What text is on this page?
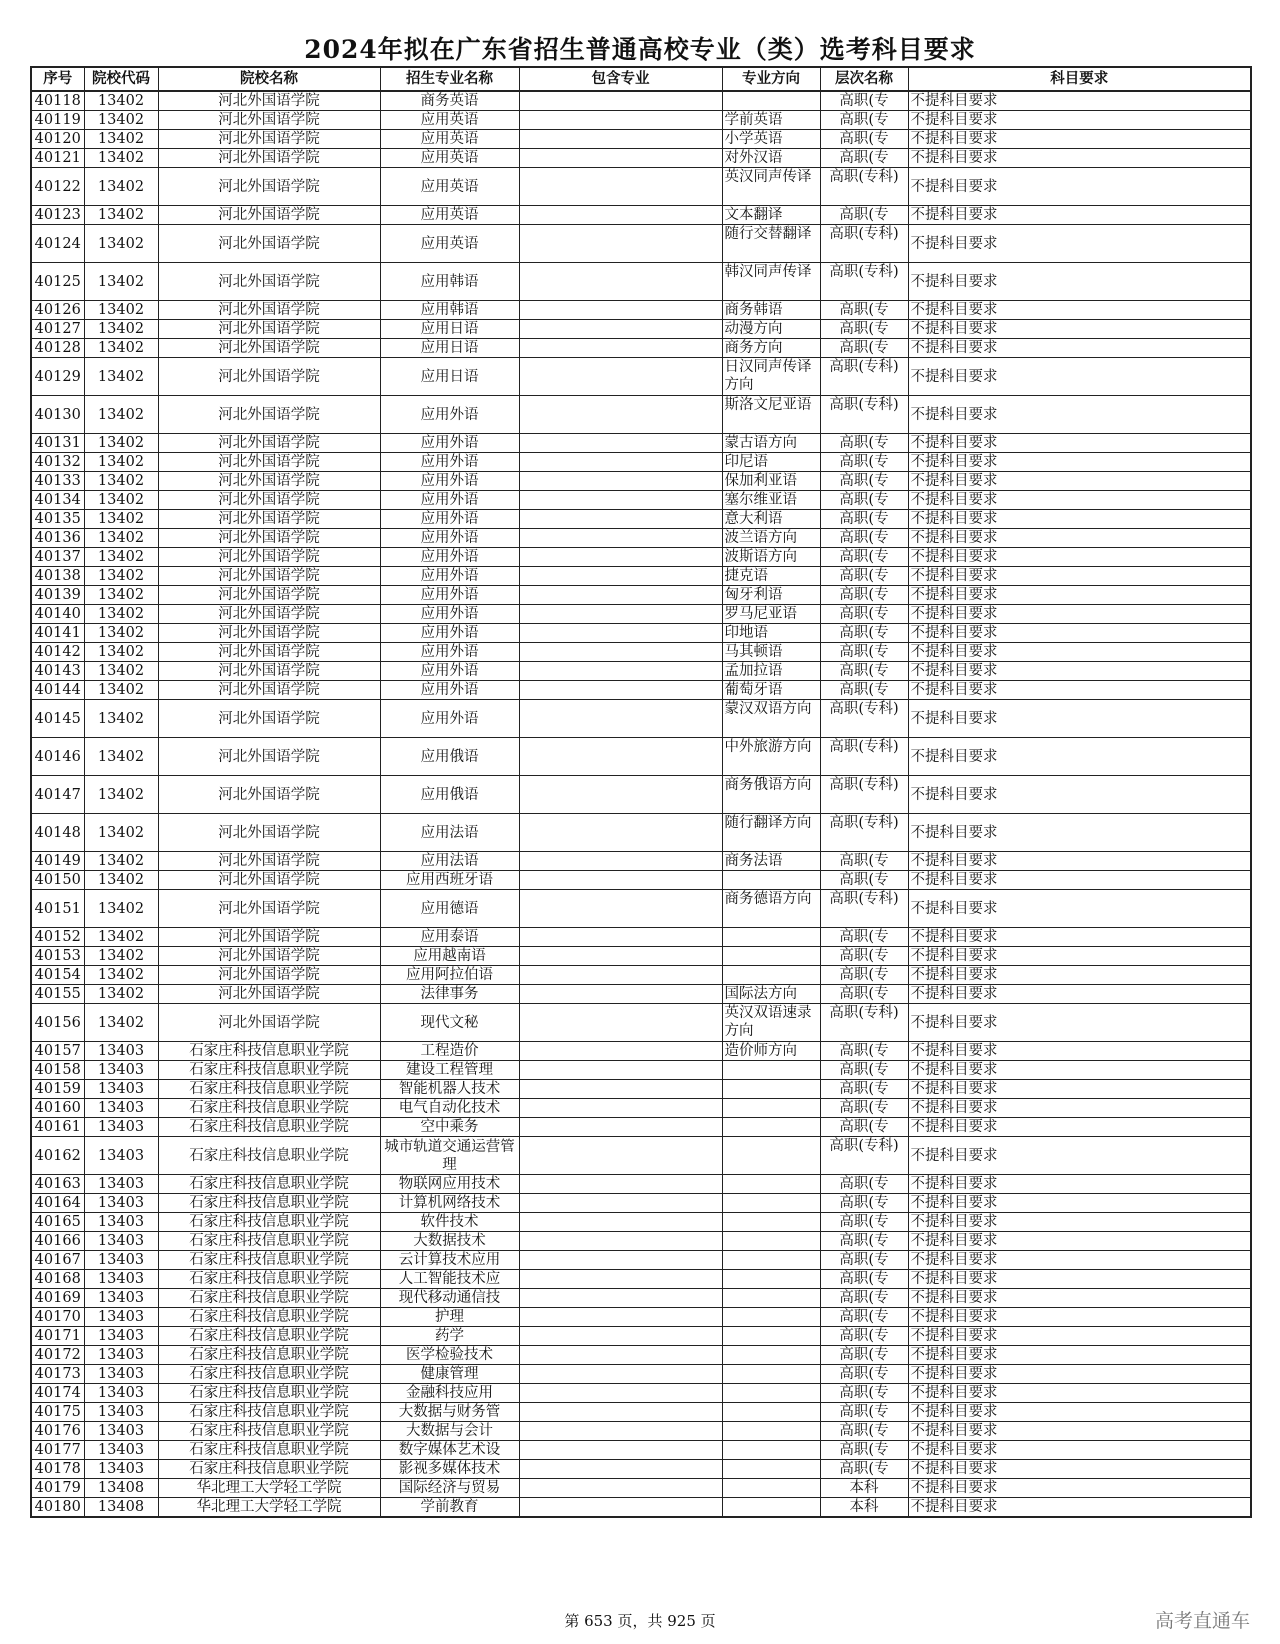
2024年拟在广东省招生普通高校专业（类）选考科目要求
序号	院校代码	院校名称	招生专业名称	包含专业	专业方向	层次名称	科目要求
40118	13402	河北外国语学院	商务英语			高职(专	不提科目要求
40119	13402	河北外国语学院	应用英语		学前英语	高职(专	不提科目要求
40120	13402	河北外国语学院	应用英语		小学英语	高职(专	不提科目要求
40121	13402	河北外国语学院	应用英语		对外汉语	高职(专	不提科目要求
40122	13402	河北外国语学院	应用英语		英汉同声传译	高职(专科)	不提科目要求
40123	13402	河北外国语学院	应用英语		文本翻译	高职(专	不提科目要求
40124	13402	河北外国语学院	应用英语		随行交替翻译	高职(专科)	不提科目要求
40125	13402	河北外国语学院	应用韩语		韩汉同声传译	高职(专科)	不提科目要求
40126	13402	河北外国语学院	应用韩语		商务韩语	高职(专	不提科目要求
40127	13402	河北外国语学院	应用日语		动漫方向	高职(专	不提科目要求
40128	13402	河北外国语学院	应用日语		商务方向	高职(专	不提科目要求
40129	13402	河北外国语学院	应用日语		日汉同声传译方向	高职(专科)	不提科目要求
40130	13402	河北外国语学院	应用外语		斯洛文尼亚语	高职(专科)	不提科目要求
40131	13402	河北外国语学院	应用外语		蒙古语方向	高职(专	不提科目要求
40132	13402	河北外国语学院	应用外语		印尼语	高职(专	不提科目要求
40133	13402	河北外国语学院	应用外语		保加利亚语	高职(专	不提科目要求
40134	13402	河北外国语学院	应用外语		塞尔维亚语	高职(专	不提科目要求
40135	13402	河北外国语学院	应用外语		意大利语	高职(专	不提科目要求
40136	13402	河北外国语学院	应用外语		波兰语方向	高职(专	不提科目要求
40137	13402	河北外国语学院	应用外语		波斯语方向	高职(专	不提科目要求
40138	13402	河北外国语学院	应用外语		捷克语	高职(专	不提科目要求
40139	13402	河北外国语学院	应用外语		匈牙利语	高职(专	不提科目要求
40140	13402	河北外国语学院	应用外语		罗马尼亚语	高职(专	不提科目要求
40141	13402	河北外国语学院	应用外语		印地语	高职(专	不提科目要求
40142	13402	河北外国语学院	应用外语		马其顿语	高职(专	不提科目要求
40143	13402	河北外国语学院	应用外语		孟加拉语	高职(专	不提科目要求
40144	13402	河北外国语学院	应用外语		葡萄牙语	高职(专	不提科目要求
40145	13402	河北外国语学院	应用外语		蒙汉双语方向	高职(专科)	不提科目要求
40146	13402	河北外国语学院	应用俄语		中外旅游方向	高职(专科)	不提科目要求
40147	13402	河北外国语学院	应用俄语		商务俄语方向	高职(专科)	不提科目要求
40148	13402	河北外国语学院	应用法语		随行翻译方向	高职(专科)	不提科目要求
40149	13402	河北外国语学院	应用法语		商务法语	高职(专	不提科目要求
40150	13402	河北外国语学院	应用西班牙语			高职(专	不提科目要求
40151	13402	河北外国语学院	应用德语		商务德语方向	高职(专科)	不提科目要求
40152	13402	河北外国语学院	应用泰语			高职(专	不提科目要求
40153	13402	河北外国语学院	应用越南语			高职(专	不提科目要求
40154	13402	河北外国语学院	应用阿拉伯语			高职(专	不提科目要求
40155	13402	河北外国语学院	法律事务		国际法方向	高职(专	不提科目要求
40156	13402	河北外国语学院	现代文秘		英汉双语速录方向	高职(专科)	不提科目要求
40157	13403	石家庄科技信息职业学院	工程造价		造价师方向	高职(专	不提科目要求
40158	13403	石家庄科技信息职业学院	建设工程管理			高职(专	不提科目要求
40159	13403	石家庄科技信息职业学院	智能机器人技术			高职(专	不提科目要求
40160	13403	石家庄科技信息职业学院	电气自动化技术			高职(专	不提科目要求
40161	13403	石家庄科技信息职业学院	空中乘务			高职(专	不提科目要求
40162	13403	石家庄科技信息职业学院	城市轨道交通运营管理			高职(专科)	不提科目要求
40163	13403	石家庄科技信息职业学院	物联网应用技术			高职(专	不提科目要求
40164	13403	石家庄科技信息职业学院	计算机网络技术			高职(专	不提科目要求
40165	13403	石家庄科技信息职业学院	软件技术			高职(专	不提科目要求
40166	13403	石家庄科技信息职业学院	大数据技术			高职(专	不提科目要求
40167	13403	石家庄科技信息职业学院	云计算技术应用			高职(专	不提科目要求
40168	13403	石家庄科技信息职业学院	人工智能技术应			高职(专	不提科目要求
40169	13403	石家庄科技信息职业学院	现代移动通信技			高职(专	不提科目要求
40170	13403	石家庄科技信息职业学院	护理			高职(专	不提科目要求
40171	13403	石家庄科技信息职业学院	药学			高职(专	不提科目要求
40172	13403	石家庄科技信息职业学院	医学检验技术			高职(专	不提科目要求
40173	13403	石家庄科技信息职业学院	健康管理			高职(专	不提科目要求
40174	13403	石家庄科技信息职业学院	金融科技应用			高职(专	不提科目要求
40175	13403	石家庄科技信息职业学院	大数据与财务管			高职(专	不提科目要求
40176	13403	石家庄科技信息职业学院	大数据与会计			高职(专	不提科目要求
40177	13403	石家庄科技信息职业学院	数字媒体艺术设			高职(专	不提科目要求
40178	13403	石家庄科技信息职业学院	影视多媒体技术			高职(专	不提科目要求
40179	13408	华北理工大学轻工学院	国际经济与贸易			本科	不提科目要求
40180	13408	华北理工大学轻工学院	学前教育			本科	不提科目要求
第 653 页，共 925 页	高考直通车
